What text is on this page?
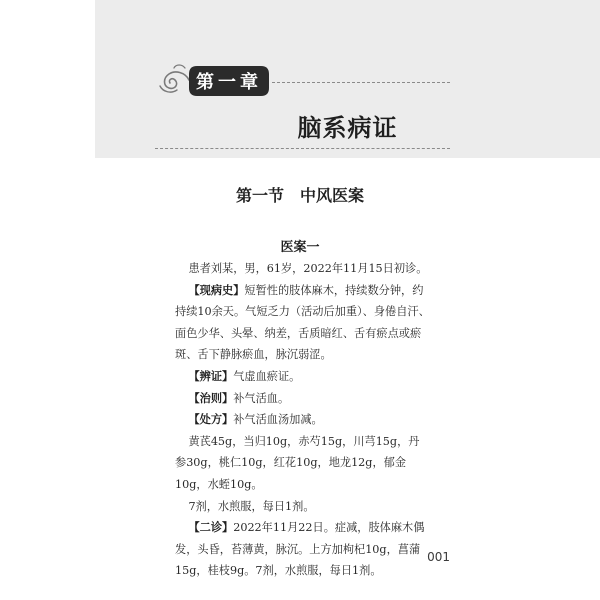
第一章
脑系病证
第一节　中风医案
医案一

患者刘某，男，61岁，2022年11月15日初诊。

【现病史】短暂性的肢体麻木，持续数分钟，约持续10余天。气短乏力（活动后加重）、身倦自汗、面色少华、头晕、纳差，舌质暗红、舌有瘀点或瘀斑、舌下静脉瘀血，脉沉弱涩。

【辨证】气虚血瘀证。

【治则】补气活血。

【处方】补气活血汤加减。

黄芪45g，当归10g，赤芍15g，川芎15g，丹参30g，桃仁10g，红花10g，地龙12g，郁金10g，水蛭10g。

7剂，水煎服，每日1剂。

【二诊】2022年11月22日。症减，肢体麻木偶发，头昏，苔薄黄，脉沉。上方加枸杞10g，菖蒲15g，桂枝9g。7剂，水煎服，每日1剂。

001
